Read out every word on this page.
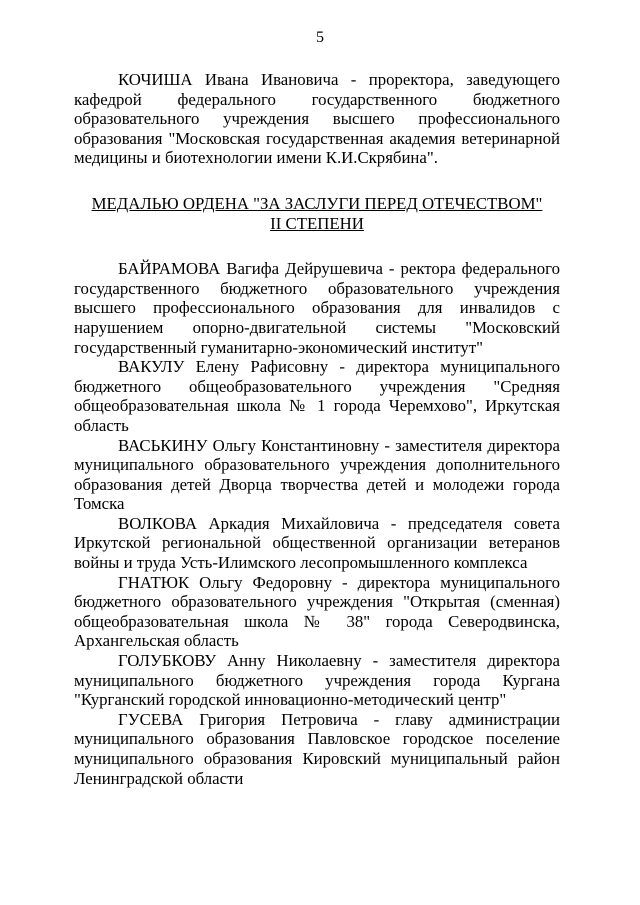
5

КОЧИША Ивана Ивановича - проректора, заведующего кафедрой федерального государственного бюджетного образовательного учреждения высшего профессионального образования "Московская государственная академия ветеринарной медицины и биотехнологии имени К.И.Скрябина".

МЕДАЛЬЮ ОРДЕНА "ЗА ЗАСЛУГИ ПЕРЕД ОТЕЧЕСТВОМ"

II СТЕПЕНИ

БАЙРАМОВА Вагифа Дейрушевича - ректора федерального государственного бюджетного образовательного учреждения высшего профессионального образования для инвалидов с нарушением опорно-двигательной системы "Московский государственный гуманитарно-экономический институт"

ВАКУЛУ Елену Рафисовну - директора муниципального бюджетного общеобразовательного учреждения "Средняя общеобразовательная школа № 1 города Черемхово", Иркутская область

ВАСЬКИНУ Ольгу Константиновну - заместителя директора муниципального образовательного учреждения дополнительного образования детей Дворца творчества детей и молодежи города Томска

ВОЛКОВА Аркадия Михайловича - председателя совета Иркутской региональной общественной организации ветеранов войны и труда Усть-Илимского лесопромышленного комплекса

ГНАТЮК Ольгу Федоровну - директора муниципального бюджетного образовательного учреждения "Открытая (сменная) общеобразовательная школа № 38" города Северодвинска, Архангельская область

ГОЛУБКОВУ Анну Николаевну - заместителя директора муниципального бюджетного учреждения города Кургана "Курганский городской инновационно-методический центр"

ГУСЕВА Григория Петровича - главу администрации муниципального образования Павловское городское поселение муниципального образования Кировский муниципальный район Ленинградской области
